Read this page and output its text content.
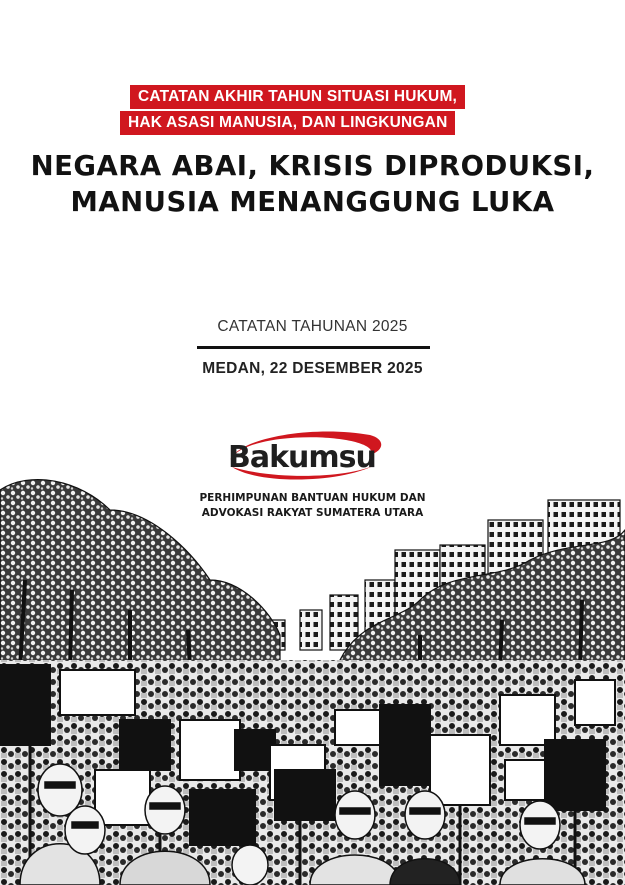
CATATAN AKHIR TAHUN SITUASI HUKUM,
HAK ASASI MANUSIA, DAN LINGKUNGAN
NEGARA ABAI, KRISIS DIPRODUKSI,
MANUSIA MENANGGUNG LUKA
CATATAN TAHUNAN 2025
MEDAN, 22 DESEMBER 2025
Bakumsu
PERHIMPUNAN BANTUAN HUKUM DAN
ADVOKASI RAKYAT SUMATERA UTARA
